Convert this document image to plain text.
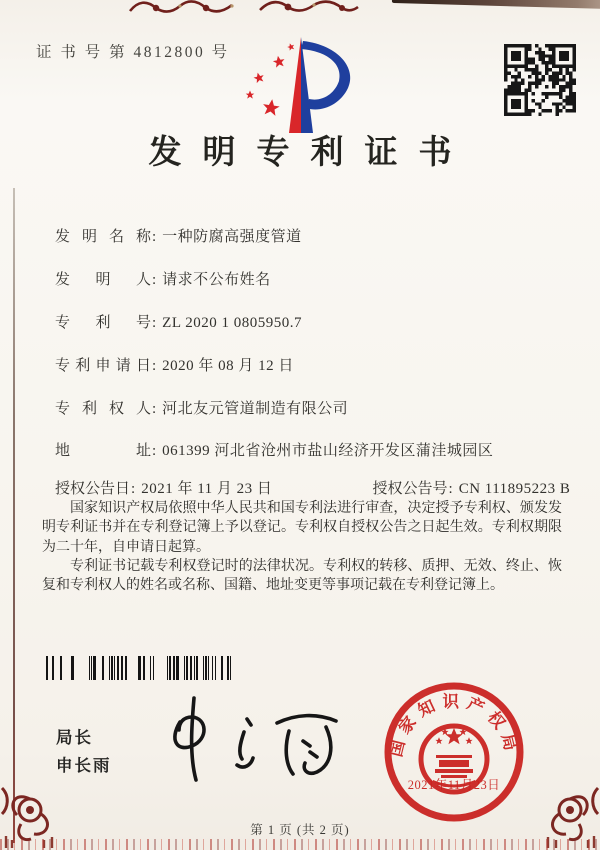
证 书 号 第 4812800 号
发明专利证书

发明名称: 一种防腐高强度管道

发明人: 请求不公布姓名

专利号: ZL 2020 1 0805950.7

专利申请日: 2020 年 08 月 12 日

专利权人: 河北友元管道制造有限公司

地址: 061399 河北省沧州市盐山经济开发区蒲洼城园区

授权公告日: 2021 年 11 月 23 日
	授权公告号: CN 111895223 B

国家知识产权局依照中华人民共和国专利法进行审查，决定授予专利权、颁发发明专利证书并在专利登记簿上予以登记。专利权自授权公告之日起生效。专利权期限为二十年，自申请日起算。

专利证书记载专利权登记时的法律状况。专利权的转移、质押、无效、终止、恢复和专利权人的姓名或名称、国籍、地址变更等事项记载在专利登记簿上。

局长
申长雨
国家知识产权局
2021年11月23日
第 1 页 (共 2 页)
